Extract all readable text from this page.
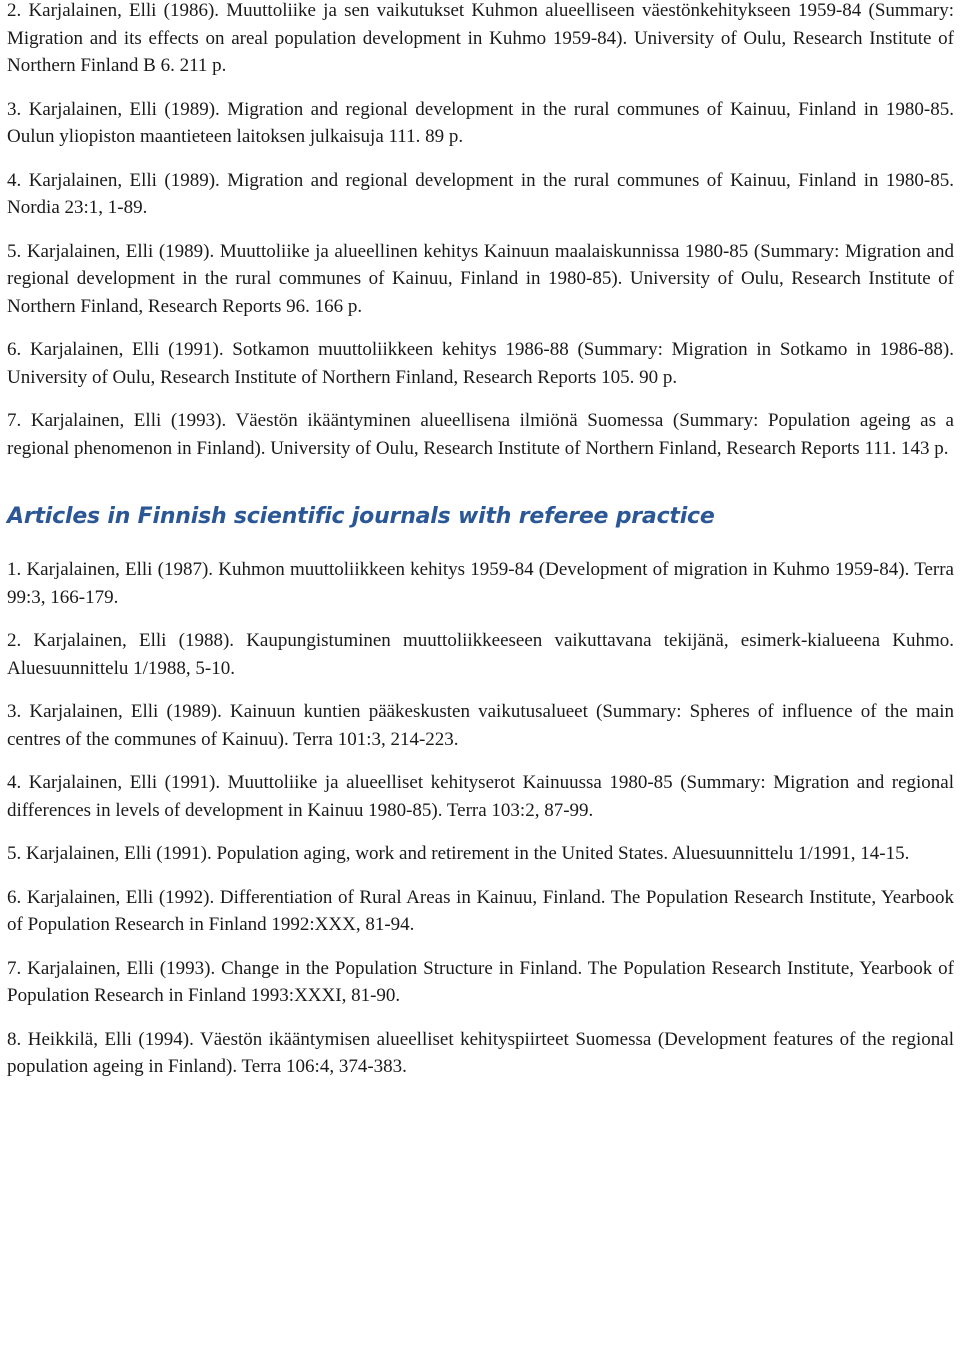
2. Karjalainen, Elli (1986). Muuttoliike ja sen vaikutukset Kuhmon alueelliseen väestönkehitykseen 1959-84 (Summary: Migration and its effects on areal population development in Kuhmo 1959-84). University of Oulu, Research Institute of Northern Finland B 6. 211 p.

3. Karjalainen, Elli (1989). Migration and regional development in the rural communes of Kainuu, Finland in 1980-85. Oulun yliopiston maantieteen laitoksen julkaisuja 111. 89 p.

4. Karjalainen, Elli (1989). Migration and regional development in the rural communes of Kainuu, Finland in 1980-85. Nordia 23:1, 1-89.

5. Karjalainen, Elli (1989). Muuttoliike ja alueellinen kehitys Kainuun maalaiskunnissa 1980-85 (Summary: Migration and regional development in the rural communes of Kainuu, Finland in 1980-85). University of Oulu, Research Institute of Northern Finland, Research Reports 96. 166 p.

6. Karjalainen, Elli (1991). Sotkamon muuttoliikkeen kehitys 1986-88 (Summary: Migration in Sotkamo in 1986-88). University of Oulu, Research Institute of Northern Finland, Research Reports 105. 90 p.

7. Karjalainen, Elli (1993). Väestön ikääntyminen alueellisena ilmiönä Suomessa (Summary: Population ageing as a regional phenomenon in Finland). University of Oulu, Research Institute of Northern Finland, Research Reports 111. 143 p.

Articles in Finnish scientific journals with referee practice

1. Karjalainen, Elli (1987). Kuhmon muuttoliikkeen kehitys 1959-84 (Development of migration in Kuhmo 1959-84). Terra 99:3, 166-179.

2. Karjalainen, Elli (1988). Kaupungistuminen muuttoliikkeeseen vaikuttavana tekijänä, esimerk-kialueena Kuhmo. Aluesuunnittelu 1/1988, 5-10.

3. Karjalainen, Elli (1989). Kainuun kuntien pääkeskusten vaikutusalueet (Summary: Spheres of influence of the main centres of the communes of Kainuu). Terra 101:3, 214-223.

4. Karjalainen, Elli (1991). Muuttoliike ja alueelliset kehityserot Kainuussa 1980-85 (Summary: Migration and regional differences in levels of development in Kainuu 1980-85). Terra 103:2, 87-99.

5. Karjalainen, Elli (1991). Population aging, work and retirement in the United States. Aluesuunnittelu 1/1991, 14-15.

6. Karjalainen, Elli (1992). Differentiation of Rural Areas in Kainuu, Finland. The Population Research Institute, Yearbook of Population Research in Finland 1992:XXX, 81-94.

7. Karjalainen, Elli (1993). Change in the Population Structure in Finland. The Population Research Institute, Yearbook of Population Research in Finland 1993:XXXI, 81-90.

8. Heikkilä, Elli (1994). Väestön ikääntymisen alueelliset kehityspiirteet Suomessa (Development features of the regional population ageing in Finland). Terra 106:4, 374-383.
